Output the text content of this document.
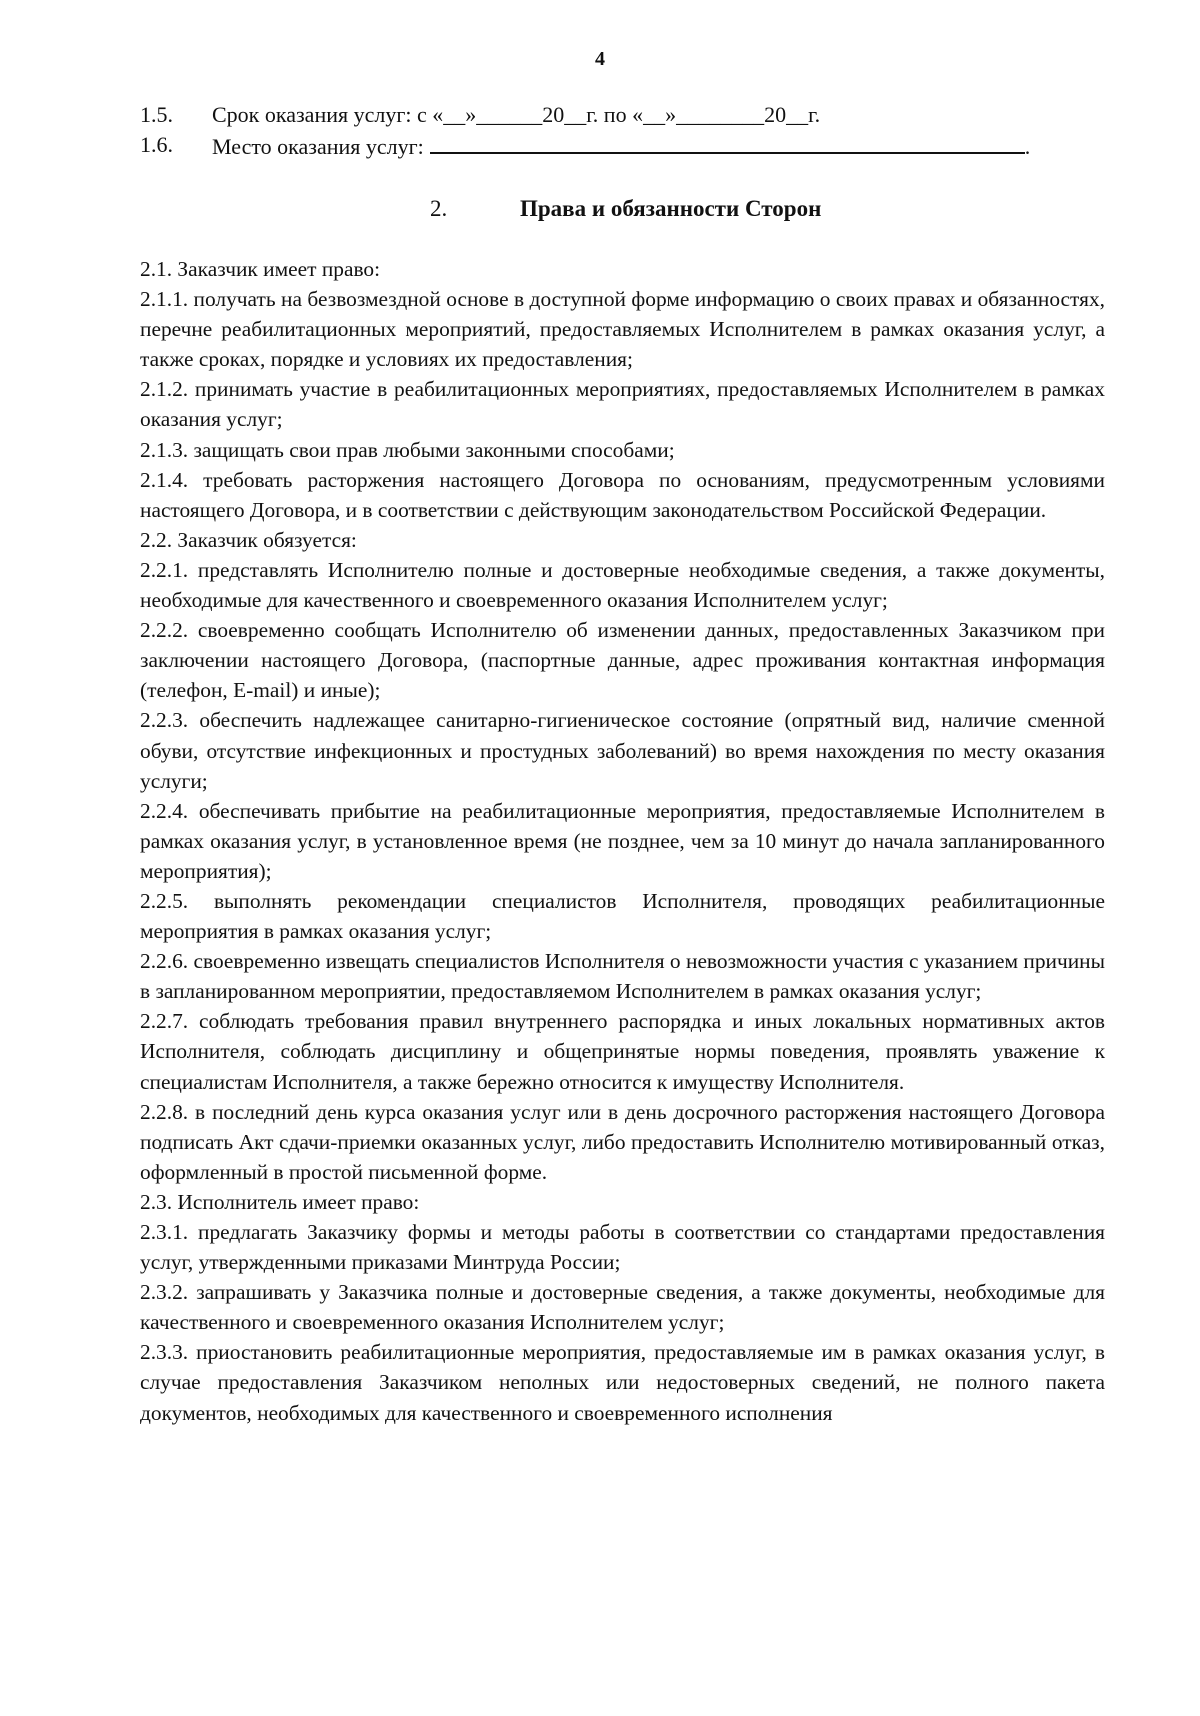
4
1.5.	Срок оказания услуг: с «__»______20__г. по «__»________20__г.
1.6.	Место оказания услуг:	.
2.	Права и обязанности Сторон

2.1. Заказчик имеет право:

2.1.1. получать на безвозмездной основе в доступной форме информацию о своих правах и обязанностях, перечне реабилитационных мероприятий, предоставляемых Исполнителем в рамках оказания услуг, а также сроках, порядке и условиях их предоставления;

2.1.2. принимать участие в реабилитационных мероприятиях, предоставляемых Исполнителем в рамках оказания услуг;

2.1.3. защищать свои прав любыми законными способами;

2.1.4. требовать расторжения настоящего Договора по основаниям, предусмотренным условиями настоящего Договора, и в соответствии с действующим законодательством Российской Федерации.

2.2. Заказчик обязуется:

2.2.1. представлять Исполнителю полные и достоверные необходимые сведения, а также документы, необходимые для качественного и своевременного оказания Исполнителем услуг;

2.2.2. своевременно сообщать Исполнителю об изменении данных, предоставленных Заказчиком при заключении настоящего Договора, (паспортные данные, адрес проживания контактная информация (телефон, E-mail) и иные);

2.2.3. обеспечить надлежащее санитарно-гигиеническое состояние (опрятный вид, наличие сменной обуви, отсутствие инфекционных и простудных заболеваний) во время нахождения по месту оказания услуги;

2.2.4. обеспечивать прибытие на реабилитационные мероприятия, предоставляемые Исполнителем в рамках оказания услуг, в установленное время (не позднее, чем за 10 минут до начала запланированного мероприятия);

2.2.5. выполнять рекомендации специалистов Исполнителя, проводящих реабилитационные мероприятия в рамках оказания услуг;

2.2.6. своевременно извещать специалистов Исполнителя о невозможности участия с указанием причины в запланированном мероприятии, предоставляемом Исполнителем в рамках оказания услуг;

2.2.7. соблюдать требования правил внутреннего распорядка и иных локальных нормативных актов Исполнителя, соблюдать дисциплину и общепринятые нормы поведения, проявлять уважение к специалистам Исполнителя, а также бережно относится к имуществу Исполнителя.

2.2.8. в последний день курса оказания услуг или в день досрочного расторжения настоящего Договора подписать Акт сдачи-приемки оказанных услуг, либо предоставить Исполнителю мотивированный отказ, оформленный в простой письменной форме.

2.3. Исполнитель имеет право:

2.3.1. предлагать Заказчику формы и методы работы в соответствии со стандартами предоставления услуг, утвержденными приказами Минтруда России;

2.3.2. запрашивать у Заказчика полные и достоверные сведения, а также документы, необходимые для качественного и своевременного оказания Исполнителем услуг;

2.3.3. приостановить реабилитационные мероприятия, предоставляемые им в рамках оказания услуг, в случае предоставления Заказчиком неполных или недостоверных сведений, не полного пакета документов, необходимых для качественного и своевременного исполнения
